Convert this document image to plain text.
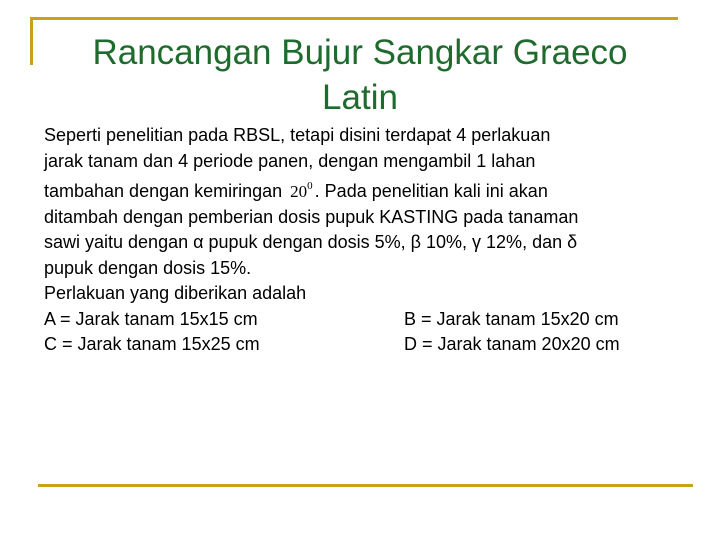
Rancangan Bujur Sangkar Graeco
Latin
Seperti penelitian pada RBSL, tetapi disini terdapat 4 perlakuan
jarak tanam dan 4 periode panen, dengan mengambil 1 lahan
tambahan dengan kemiringan $20^0$ . Pada penelitian kali ini akan
ditambah dengan pemberian dosis pupuk KASTING pada tanaman
sawi yaitu dengan α pupuk dengan dosis 5%, β 10%, γ 12%, dan δ
pupuk dengan dosis 15%.
Perlakuan yang diberikan adalah
A = Jarak tanam 15x15 cm	B = Jarak tanam 15x20 cm
C = Jarak tanam 15x25 cm	D = Jarak tanam 20x20 cm
